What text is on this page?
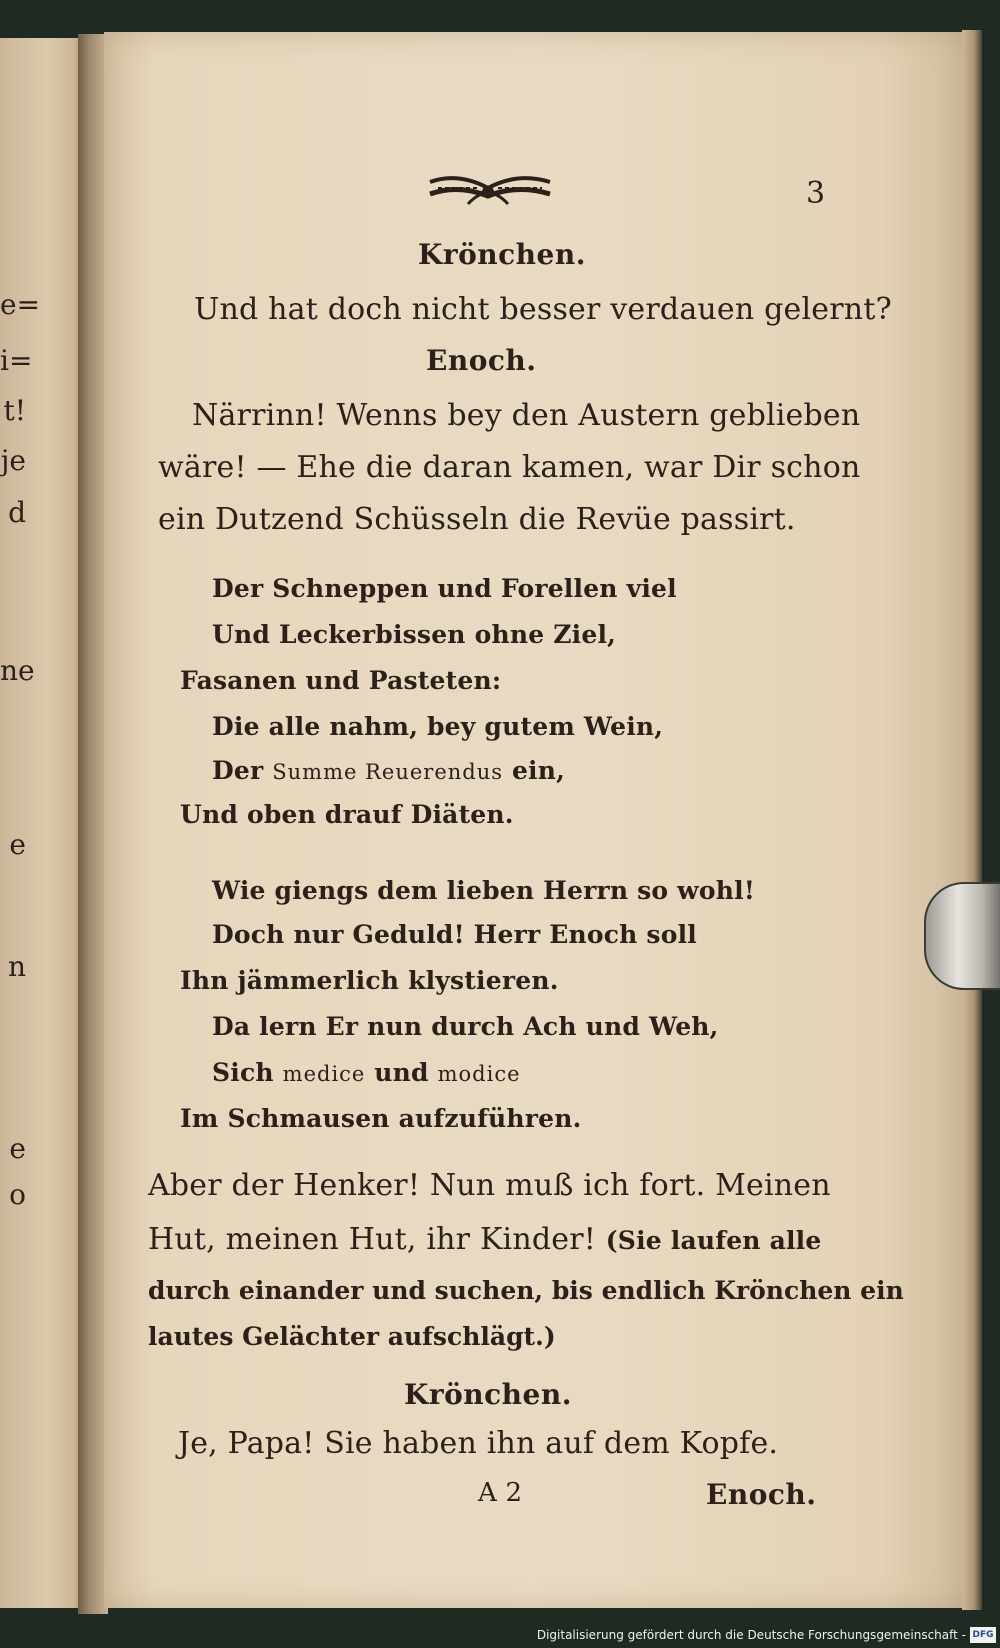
e=
i=
t!
je
d
ne
e
n
e
o
3
Krönchen.
Und hat doch nicht besser verdauen gelernt?
Enoch.
Närrinn! Wenns bey den Austern geblieben
wäre! — Ehe die daran kamen, war Dir schon
ein Dutzend Schüsseln die Revüe passirt.
Der Schneppen und Forellen viel
Und Leckerbissen ohne Ziel,
Fasanen und Pasteten:
Die alle nahm, bey gutem Wein,
Der Summe Reuerendus ein,
Und oben drauf Diäten.
Wie giengs dem lieben Herrn so wohl!
Doch nur Geduld! Herr Enoch soll
Ihn jämmerlich klystieren.
Da lern Er nun durch Ach und Weh,
Sich medice und modice
Im Schmausen aufzuführen.
Aber der Henker! Nun muß ich fort. Meinen
Hut, meinen Hut, ihr Kinder! (Sie laufen alle
durch einander und suchen, bis endlich Krönchen ein
lautes Gelächter aufschlägt.)
Krönchen.
Je, Papa! Sie haben ihn auf dem Kopfe.
A 2	Enoch.
Digitalisierung gefördert durch die Deutsche Forschungsgemeinschaft - DFG
